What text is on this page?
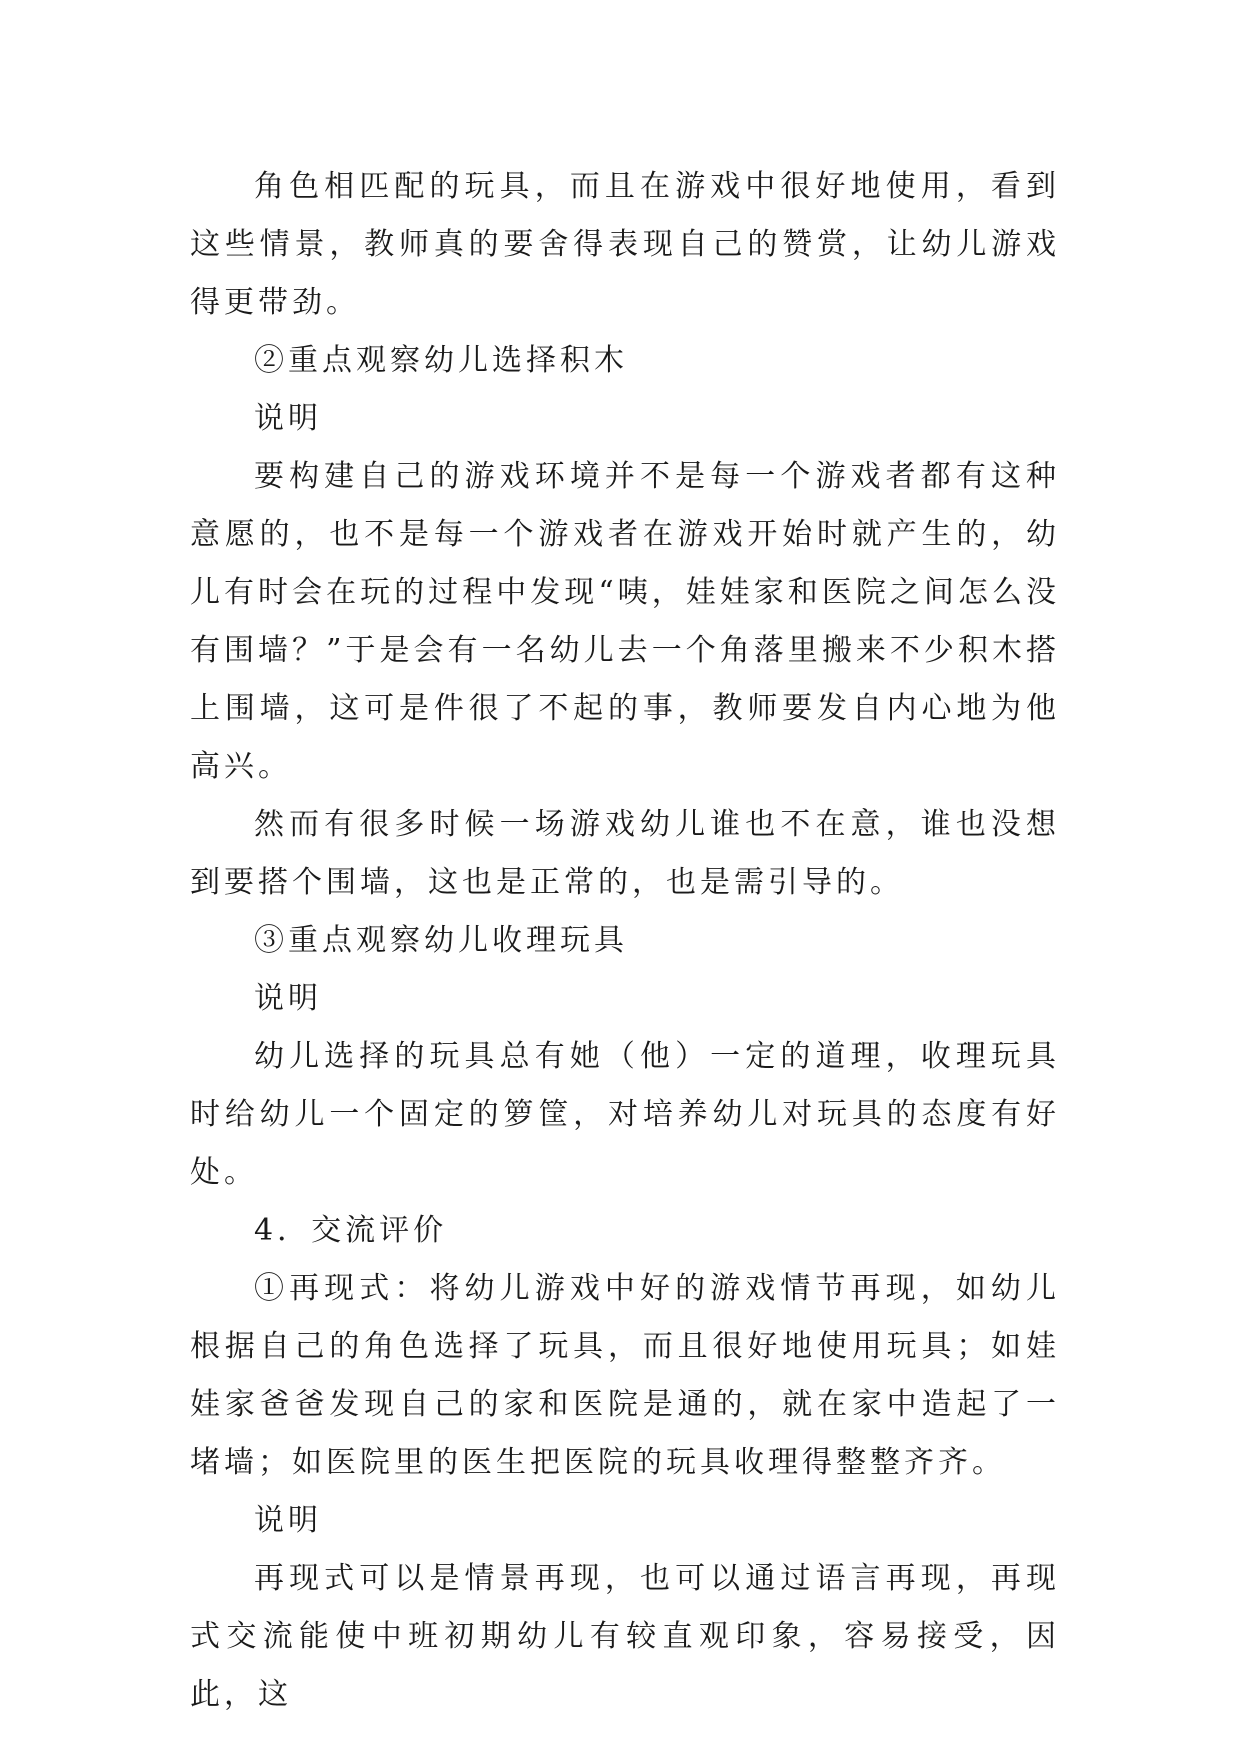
角色相匹配的玩具，而且在游戏中很好地使用，看到这些情景，教师真的要舍得表现自己的赞赏，让幼儿游戏得更带劲。

②重点观察幼儿选择积木

说明

要构建自己的游戏环境并不是每一个游戏者都有这种意愿的，也不是每一个游戏者在游戏开始时就产生的，幼儿有时会在玩的过程中发现“咦，娃娃家和医院之间怎么没有围墙？”于是会有一名幼儿去一个角落里搬来不少积木搭上围墙，这可是件很了不起的事，教师要发自内心地为他高兴。

然而有很多时候一场游戏幼儿谁也不在意，谁也没想到要搭个围墙，这也是正常的，也是需引导的。

③重点观察幼儿收理玩具

说明

幼儿选择的玩具总有她（他）一定的道理，收理玩具时给幼儿一个固定的箩筐，对培养幼儿对玩具的态度有好处。

4．交流评价

①再现式：将幼儿游戏中好的游戏情节再现，如幼儿根据自己的角色选择了玩具，而且很好地使用玩具；如娃娃家爸爸发现自己的家和医院是通的，就在家中造起了一堵墙；如医院里的医生把医院的玩具收理得整整齐齐。

说明

再现式可以是情景再现，也可以通过语言再现，再现式交流能使中班初期幼儿有较直观印象，容易接受，因此，这
